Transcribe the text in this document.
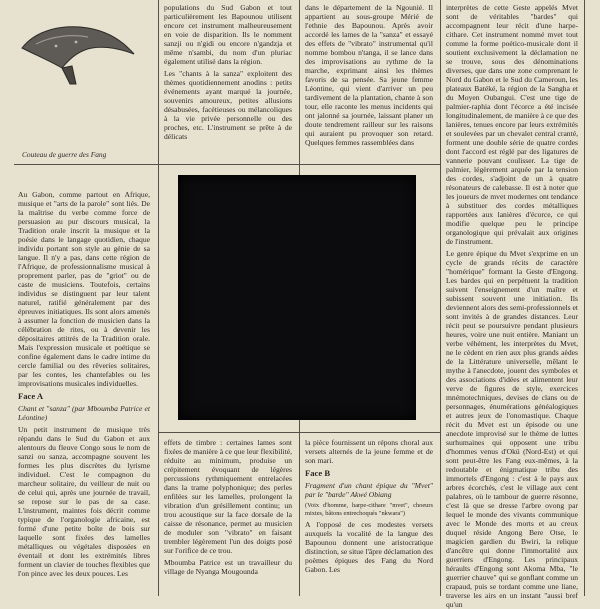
Couteau de guerre des Fang

Au Gabon, comme partout en Afrique, musique et "arts de la parole" sont liés. De la maîtrise du verbe comme force de persuasion au pur discours musical, la Tradition orale inscrit la musique et la poésie dans le langage quotidien, chaque individu portant son style au génie de sa langue. Il n'y a pas, dans cette région de l'Afrique, de professionnalisme musical à proprement parler, pas de "griot" ou de caste de musiciens. Toutefois, certains individus se distinguent par leur talent naturel, ratifié généralement par des épreuves initiatiques. Ils sont alors amenés à assumer la fonction de musicien dans la célébration de rites, ou à devenir les dépositaires attitrés de la Tradition orale. Mais l'expression musicale et poétique se confine également dans le cadre intime du cercle familial ou des rêveries solitaires, par les contes, les chantefables ou les improvisations musicales individuelles.

Face A

Chant et "sanza" (par Mboumba Patrice et Léontine)

Un petit instrument de musique très répandu dans le Sud du Gabon et aux alentours du fleuve Congo sous le nom de sanzi ou sanza, accompagne souvent les formes les plus discrètes du lyrisme individuel. C'est le compagnon du marcheur solitaire, du veilleur de nuit ou de celui qui, après une journée de travail, se repose sur le pas de sa case. L'instrument, maintes fois décrit comme typique de l'organologie africaine, est formé d'une petite boîte de bois sur laquelle sont fixées des lamelles métalliques ou végétales disposées en éventail et dont les extrémités libres forment un clavier de touches flexibles que l'on pince avec les deux pouces. Les

populations du Sud Gabon et tout particulièrement les Bapounou utilisent encore cet instrument malheureusement en voie de disparition. Ils le nomment sanzji ou n'gidi ou encore n'gandzja et même n'sambi, du nom d'un pluriac également utilisé dans la région.

Les "chants à la sanza" exploitent des thèmes quotidiennement anodins : petits événements ayant marqué la journée, souvenirs amoureux, petites allusions désabusées, facétieuses ou mélancoliques à la vie privée personnelle ou des proches, etc. L'instrument se prête à de délicats

effets de timbre : certaines lames sont fixées de manière à ce que leur flexibilité, réduite au minimum, produise un crépitement évoquant de légères percussions rythmiquement entrelacées dans la trame polyphonique; des perles enfilées sur les lamelles, prolongent la vibration d'un grésillement continu; un trou acoustique sur la face dorsale de la caisse de résonance, permet au musicien de moduler son "vibrato" en faisant trembler légèrement l'un des doigts posé sur l'orifice de ce trou.

Mboumba Patrice est un travailleur du village de Nyanga Mougounda

dans le département de la Ngounié. Il appartient au sous-groupe Mérié de l'ethnie des Bapounou. Après avoir accordé les lames de la "sanza" et essayé des effets de "vibrato" instrumental qu'il nomme bombou n'tanga, il se lance dans des improvisations au rythme de la marche, exprimant ainsi les thèmes favoris de sa pensée. Sa jeune femme Léontine, qui vient d'arriver un peu tardivement de la plantation, chante à son tour, elle raconte les menus incidents qui ont jalonné sa journée, laissant planer un doute tendrement railleur sur les raisons qui auraient pu provoquer son retard. Quelques femmes rassemblées dans

la pièce fournissent un répons choral aux versets alternés de la jeune femme et de son mari.

Face B

Fragment d'un chant épique du "Mvet" par le "barde" Akwé Obiang

(Voix d'homme, harpe-cithare "mvet", choeurs mixtes, bâtons entrechoqués "nkwara")

A l'opposé de ces modestes versets auxquels la vocalité de la langue des Bapounou donnent une aristocratique distinction, se situe l'âpre déclamation des poèmes épiques des Fang du Nord Gabon. Les

interprètes de cette Geste appelés Mvet sont de véritables "bardes" qui accompagnent leur récit d'une harpe-cithare. Cet instrument nommé mvet tout comme la forme poético-musicale dont il soutient exclusivement la déclamation ne se trouve, sous des dénominations diverses, que dans une zone comprenant le Nord du Gabon et le Sud du Cameroun, les plateaux Batéké, la région de la Sangha et du Moyen Oubangui. C'est une tige de palmier-raphia dont l'écorce a été incisée longitudinalement, de manière à ce que des lanières, tenues encore par leurs extrémités et soulevées par un chevalet central cranté, forment une double série de quatre cordes dont l'accord est réglé par des ligatures de vannerie pouvant coulisser. La tige de palmier, légèrement arquée par la tension des cordes, s'adjoint de un à quatre résonateurs de calebasse. Il est à noter que les joueurs de mvet modernes ont tendance à substituer des cordes métalliques rapportées aux lanières d'écorce, ce qui modifie quelque peu le principe organologique qui prévalait aux origines de l'instrument.

Le genre épique du Mvet s'exprime en un cycle de grands récits de caractère "homérique" formant la Geste d'Engong. Les bardes qui en perpétuent la tradition suivent l'enseignement d'un maître et subissent souvent une initiation. Ils deviennent alors des semi-professionnels et sont invités à de grandes distances. Leur récit peut se poursuivre pendant plusieurs heures, voire une nuit entière. Maniant un verbe véhément, les interprètes du Mvet, ne le cèdent en rien aux plus grands aèdes de la Littérature universelle, mêlant le mythe à l'anecdote, jouent des symboles et des associations d'idées et alimentent leur verve de figures de style, exercices mnémotechniques, devises de clans ou de personnages, énumérations généalogiques et autres jeux de l'onomastique. Chaque récit du Mvet est un épisode ou une anecdote improvisé sur le thème de luttes surhumaines qui opposent une tribu d'hommes venus d'Okü (Nord-Est) et qui sont peut-être les Fang eux-mêmes, à la redoutable et énigmatique tribu des immortels d'Engong : c'est à le pays aux arbres écorchés, c'est le village aux cent palabres, où le tambour de guerre résonne, c'est là que se dresse l'arbre ovong par lequel le monde des vivants communique avec le Monde des morts et au creux duquel réside Angong Bere Otse, le magicien gardien du Bwiri, la relique d'ancêtre qui donne l'immortalité aux guerriers d'Engong. Les principaux héraults d'Engong sont Akoma Mba, "le guerrier chauve" qui se gonflant comme un crapaud, puis se tordant comme une liane, traverse les airs en un instant "aussi bref qu'un
